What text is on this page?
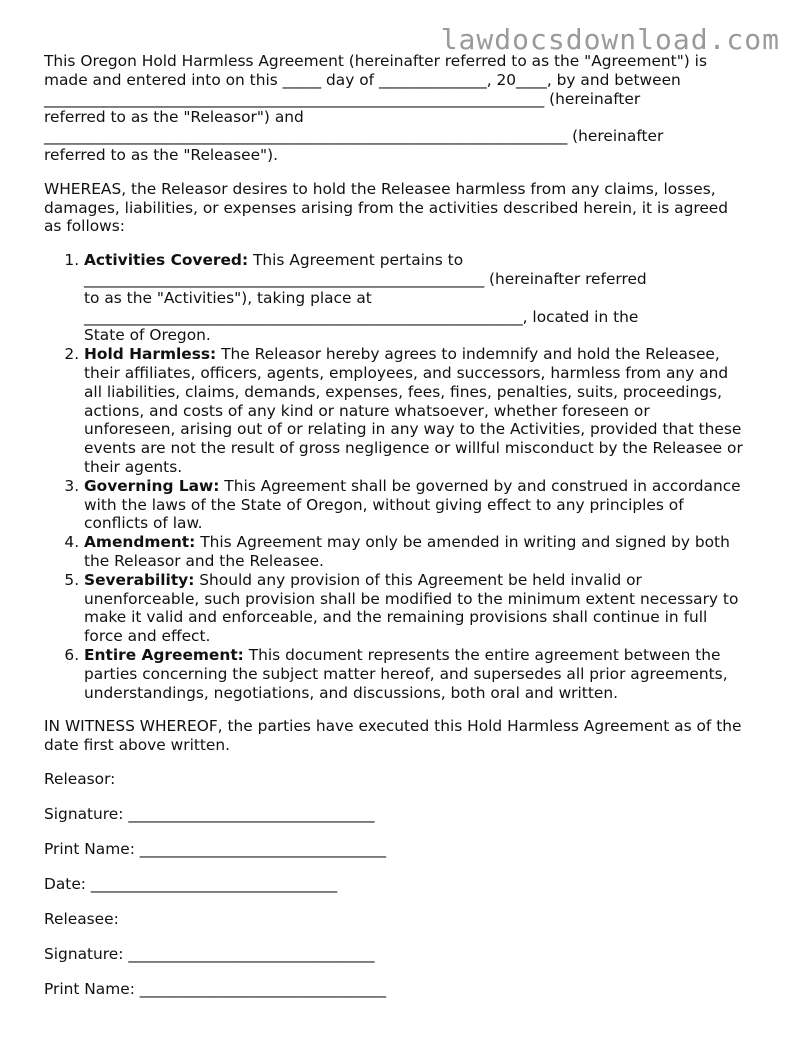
lawdocsdownload.com

This Oregon Hold Harmless Agreement (hereinafter referred to as the "Agreement") is

made and entered into on this _____ day of ______________, 20____, by and between

_________________________________________________________________ (hereinafter

referred to as the "Releasor") and

____________________________________________________________________ (hereinafter

referred to as the "Releasee").

WHEREAS, the Releasor desires to hold the Releasee harmless from any claims, losses,

damages, liabilities, or expenses arising from the activities described herein, it is agreed

as follows:

1. Activities Covered: This Agreement pertains to
____________________________________________________ (hereinafter referred
to as the "Activities"), taking place at
_________________________________________________________, located in the
State of Oregon.
2. Hold Harmless: The Releasor hereby agrees to indemnify and hold the Releasee,
their affiliates, officers, agents, employees, and successors, harmless from any and
all liabilities, claims, demands, expenses, fees, fines, penalties, suits, proceedings,
actions, and costs of any kind or nature whatsoever, whether foreseen or
unforeseen, arising out of or relating in any way to the Activities, provided that these
events are not the result of gross negligence or willful misconduct by the Releasee or
their agents.
3. Governing Law: This Agreement shall be governed by and construed in accordance
with the laws of the State of Oregon, without giving effect to any principles of
conflicts of law.
4. Amendment: This Agreement may only be amended in writing and signed by both
the Releasor and the Releasee.
5. Severability: Should any provision of this Agreement be held invalid or
unenforceable, such provision shall be modified to the minimum extent necessary to
make it valid and enforceable, and the remaining provisions shall continue in full
force and effect.
6. Entire Agreement: This document represents the entire agreement between the
parties concerning the subject matter hereof, and supersedes all prior agreements,
understandings, negotiations, and discussions, both oral and written.

IN WITNESS WHEREOF, the parties have executed this Hold Harmless Agreement as of the

date first above written.

Releasor:

Signature: ________________________________

Print Name: ________________________________

Date: ________________________________

Releasee:

Signature: ________________________________

Print Name: ________________________________
